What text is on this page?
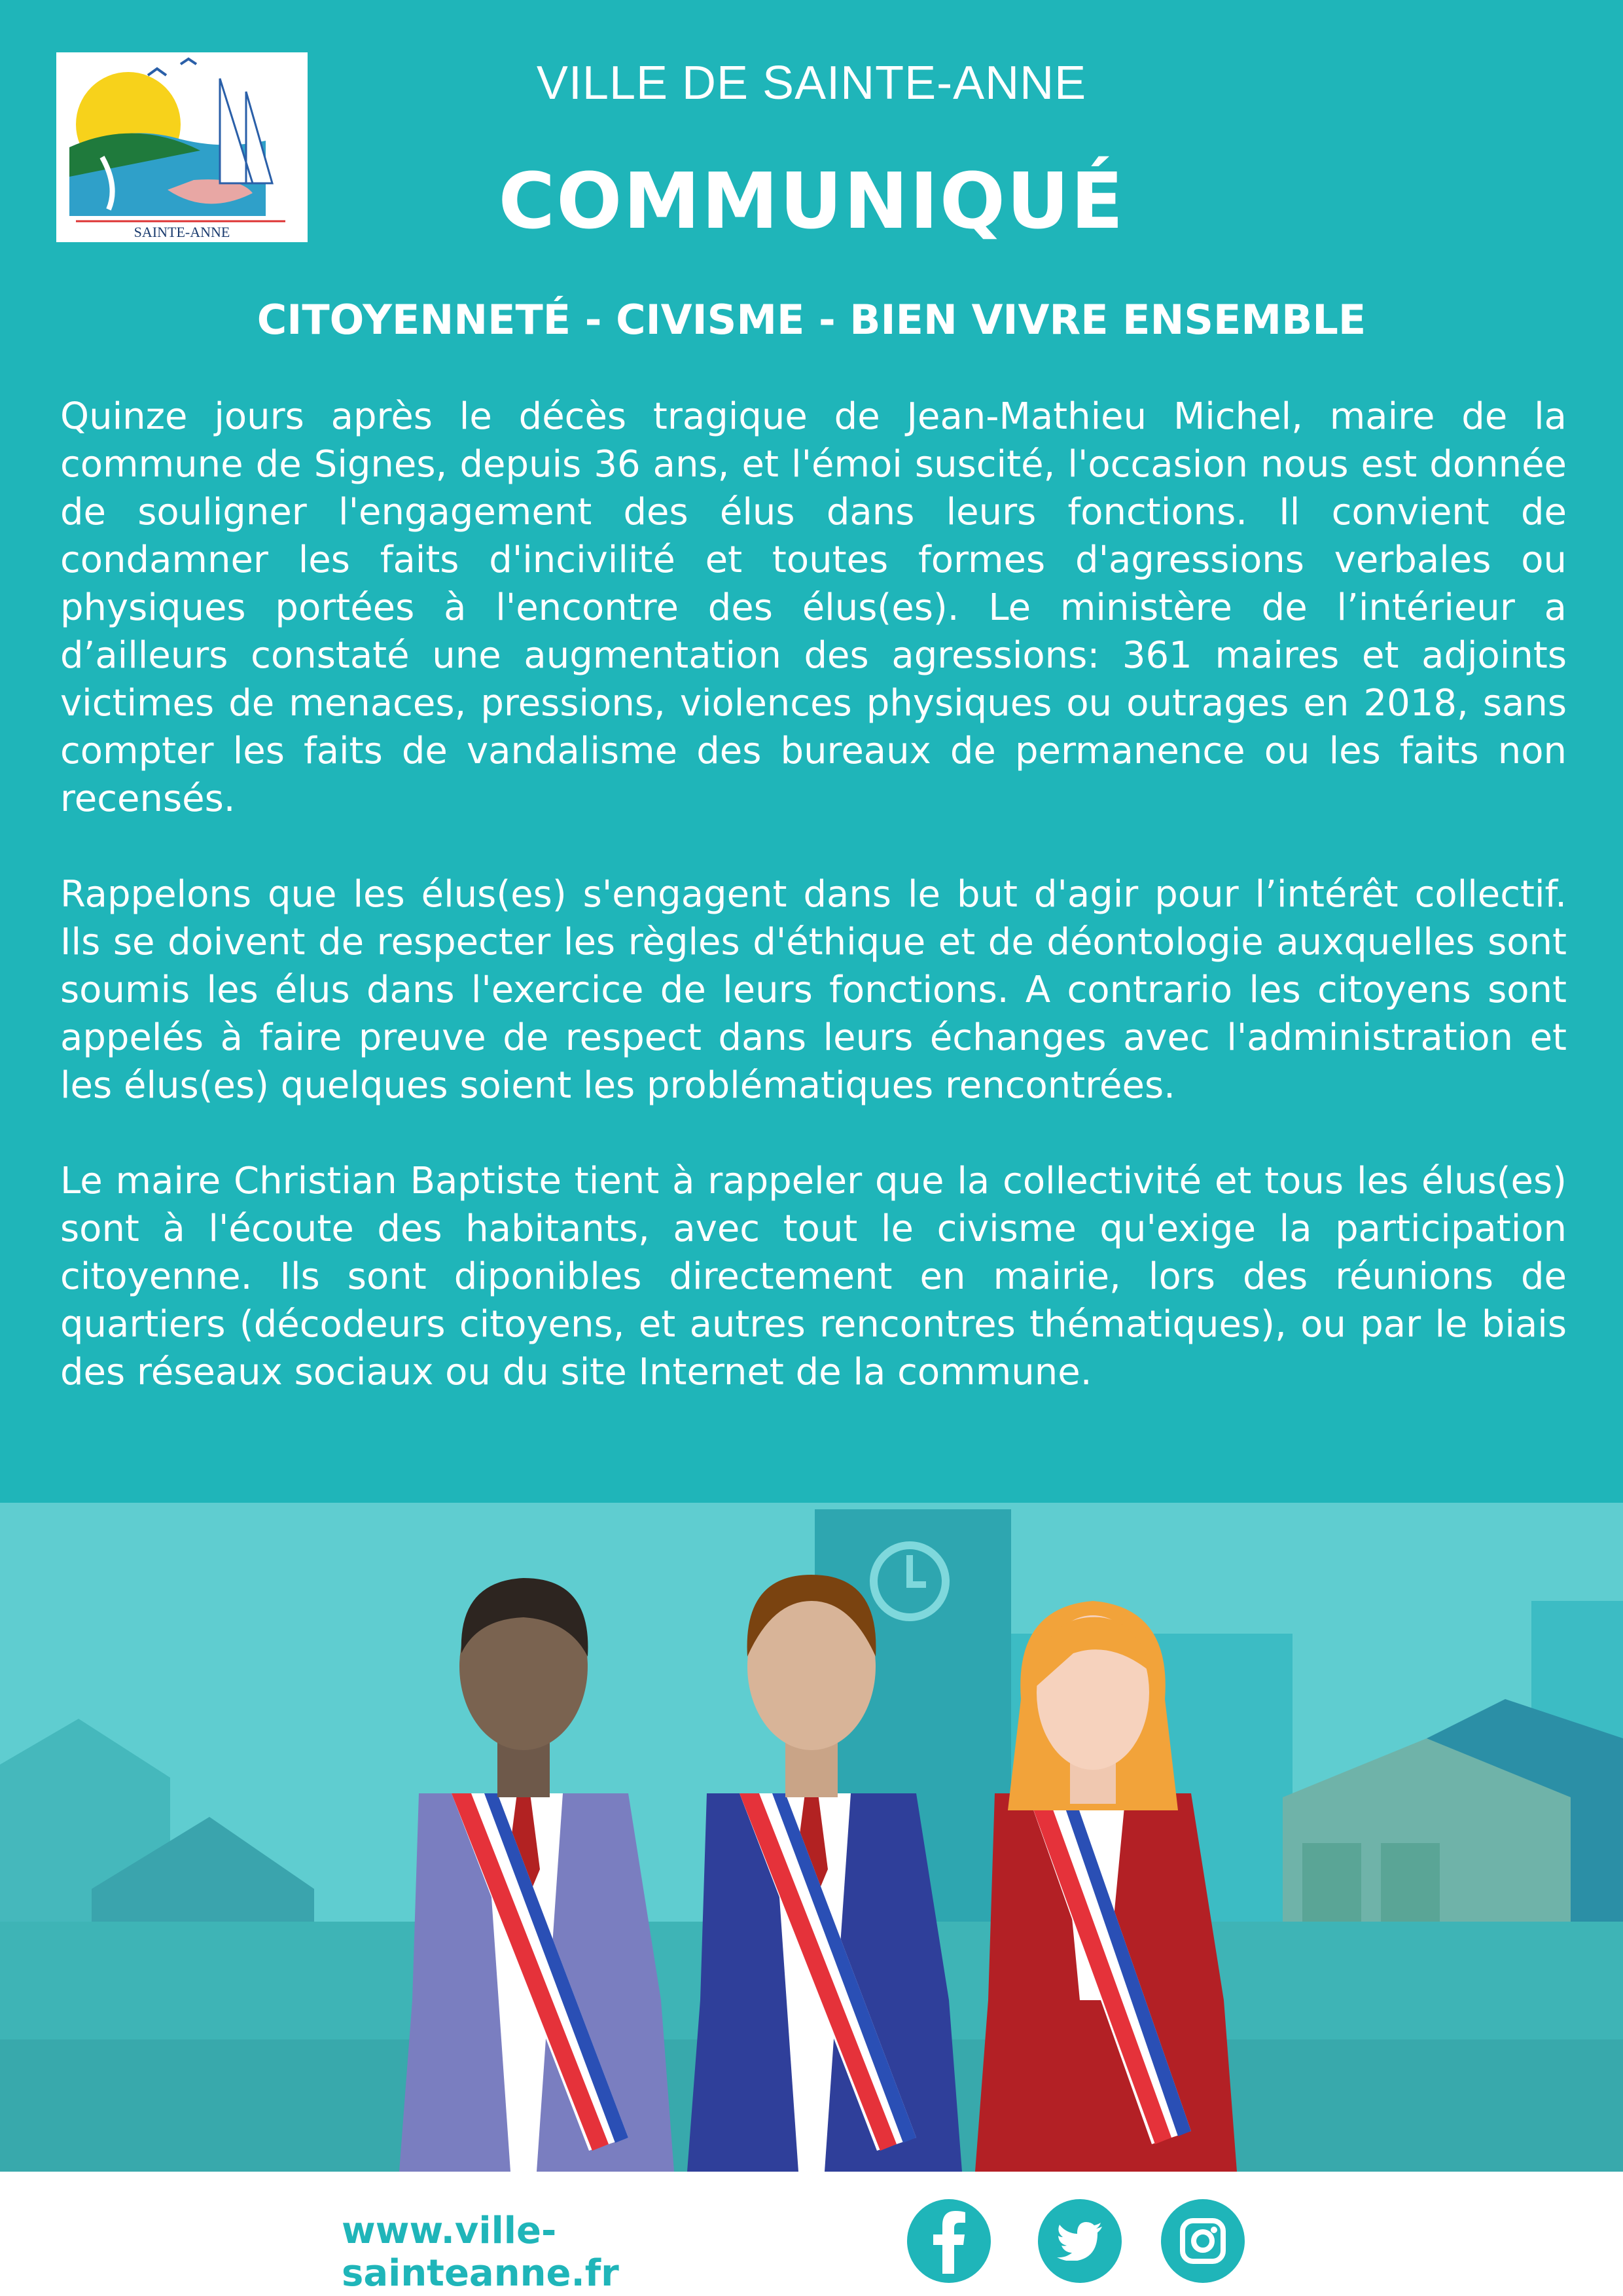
SAINTE-ANNE
VILLE DE SAINTE-ANNE
COMMUNIQUÉ
CITOYENNETÉ - CIVISME - BIEN VIVRE ENSEMBLE

Quinze jours après le décès tragique de Jean-Mathieu Michel, maire de la commune de Signes, depuis 36 ans, et l'émoi suscité, l'occasion nous est donnée de souligner l'engagement des élus dans leurs fonctions. Il convient de condamner les faits d'incivilité et toutes formes d'agressions verbales ou physiques portées à l'encontre des élus(es). Le ministère de l’intérieur a d’ailleurs constaté une augmentation des agressions: 361 maires et adjoints victimes de menaces, pressions, violences physiques ou outrages en 2018, sans compter les faits de vandalisme des bureaux de permanence ou les faits non recensés.

Rappelons que les élus(es) s'engagent dans le but d'agir pour l’intérêt collectif. Ils se doivent de respecter les règles d'éthique et de déontologie auxquelles sont soumis les élus dans l'exercice de leurs fonctions. A contrario les citoyens sont appelés à faire preuve de respect dans leurs échanges avec l'administration et les élus(es) quelques soient les problématiques rencontrées.

Le maire Christian Baptiste tient à rappeler que la collectivité et tous les élus(es) sont à l'écoute des habitants, avec tout le civisme qu'exige la participation citoyenne. Ils sont diponibles directement en mairie, lors des réunions de quartiers (décodeurs citoyens, et autres rencontres thématiques), ou par le biais des réseaux sociaux ou du site Internet de la commune.

www.ville-sainteanne.fr
